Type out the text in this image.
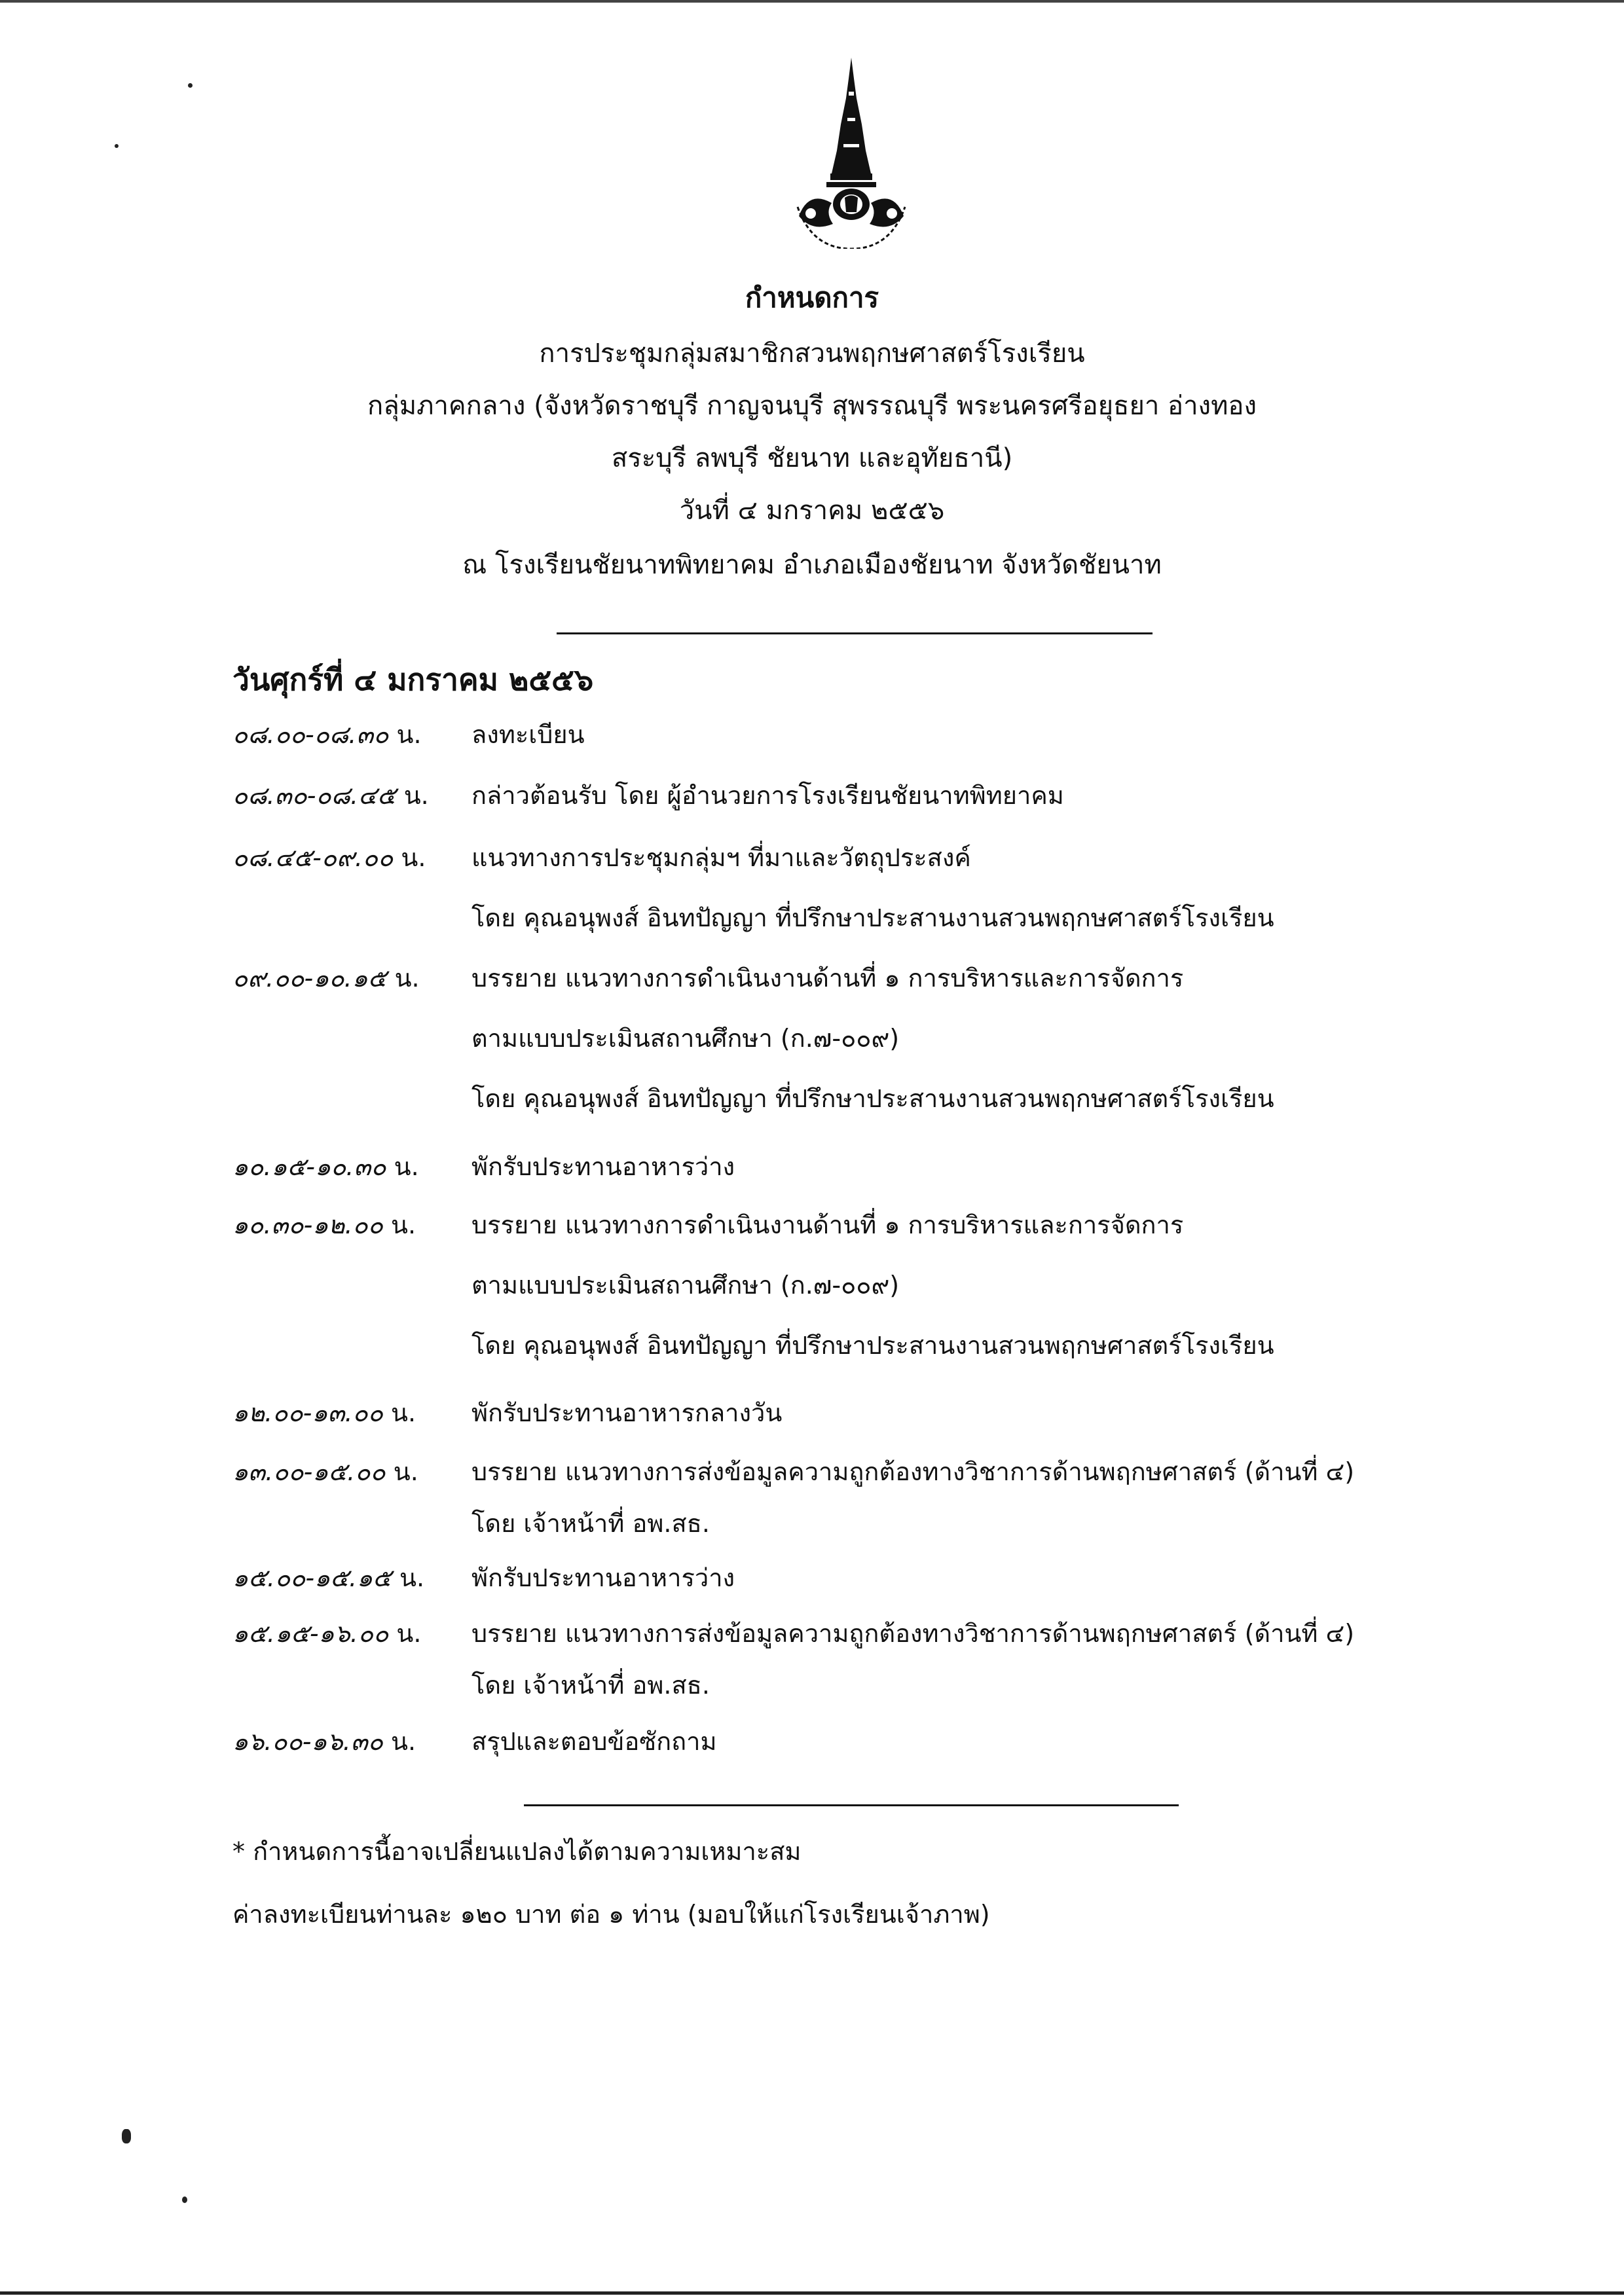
กำหนดการ
การประชุมกลุ่มสมาชิกสวนพฤกษศาสตร์โรงเรียน
กลุ่มภาคกลาง (จังหวัดราชบุรี กาญจนบุรี สุพรรณบุรี พระนครศรีอยุธยา อ่างทอง
สระบุรี ลพบุรี ชัยนาท และอุทัยธานี)
วันที่ ๔ มกราคม ๒๕๕๖
ณ โรงเรียนชัยนาทพิทยาคม อำเภอเมืองชัยนาท จังหวัดชัยนาท
วันศุกร์ที่ ๔ มกราคม ๒๕๕๖
๐๘.๐๐-๐๘.๓๐ น.	ลงทะเบียน
๐๘.๓๐-๐๘.๔๕ น.	กล่าวต้อนรับ โดย ผู้อำนวยการโรงเรียนชัยนาทพิทยาคม
๐๘.๔๕-๐๙.๐๐ น.	แนวทางการประชุมกลุ่มฯ ที่มาและวัตถุประสงค์
โดย คุณอนุพงส์ อินทปัญญา ที่ปรึกษาประสานงานสวนพฤกษศาสตร์โรงเรียน
๐๙.๐๐-๑๐.๑๕ น.	บรรยาย แนวทางการดำเนินงานด้านที่ ๑ การบริหารและการจัดการ
ตามแบบประเมินสถานศึกษา (ก.๗-๐๐๙)
โดย คุณอนุพงส์ อินทปัญญา ที่ปรึกษาประสานงานสวนพฤกษศาสตร์โรงเรียน
๑๐.๑๕-๑๐.๓๐ น.	พักรับประทานอาหารว่าง
๑๐.๓๐-๑๒.๐๐ น.	บรรยาย แนวทางการดำเนินงานด้านที่ ๑ การบริหารและการจัดการ
ตามแบบประเมินสถานศึกษา (ก.๗-๐๐๙)
โดย คุณอนุพงส์ อินทปัญญา ที่ปรึกษาประสานงานสวนพฤกษศาสตร์โรงเรียน
๑๒.๐๐-๑๓.๐๐ น.	พักรับประทานอาหารกลางวัน
๑๓.๐๐-๑๕.๐๐ น.	บรรยาย แนวทางการส่งข้อมูลความถูกต้องทางวิชาการด้านพฤกษศาสตร์ (ด้านที่ ๔)
โดย เจ้าหน้าที่ อพ.สธ.
๑๕.๐๐-๑๕.๑๕ น.	พักรับประทานอาหารว่าง
๑๕.๑๕-๑๖.๐๐ น.	บรรยาย แนวทางการส่งข้อมูลความถูกต้องทางวิชาการด้านพฤกษศาสตร์ (ด้านที่ ๔)
โดย เจ้าหน้าที่ อพ.สธ.
๑๖.๐๐-๑๖.๓๐ น.	สรุปและตอบข้อซักถาม
* กำหนดการนี้อาจเปลี่ยนแปลงได้ตามความเหมาะสม
ค่าลงทะเบียนท่านละ ๑๒๐ บาท ต่อ ๑ ท่าน (มอบให้แก่โรงเรียนเจ้าภาพ)
